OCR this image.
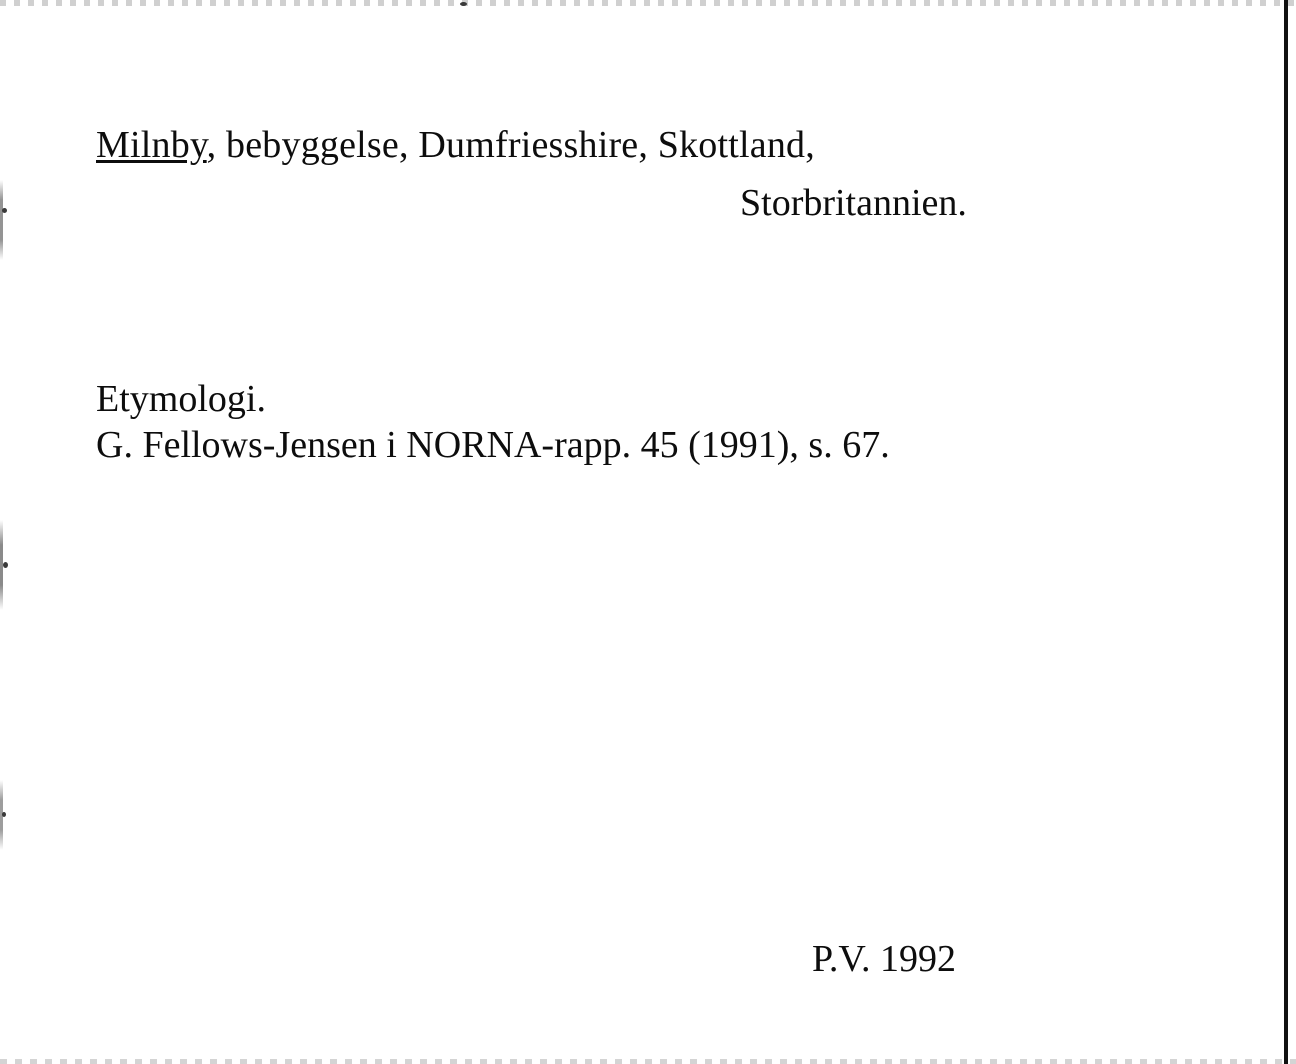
Milnby, bebyggelse, Dumfriesshire, Skottland,
Storbritannien.
Etymologi.
G. Fellows-Jensen i NORNA-rapp. 45 (1991), s. 67.
P.V. 1992
